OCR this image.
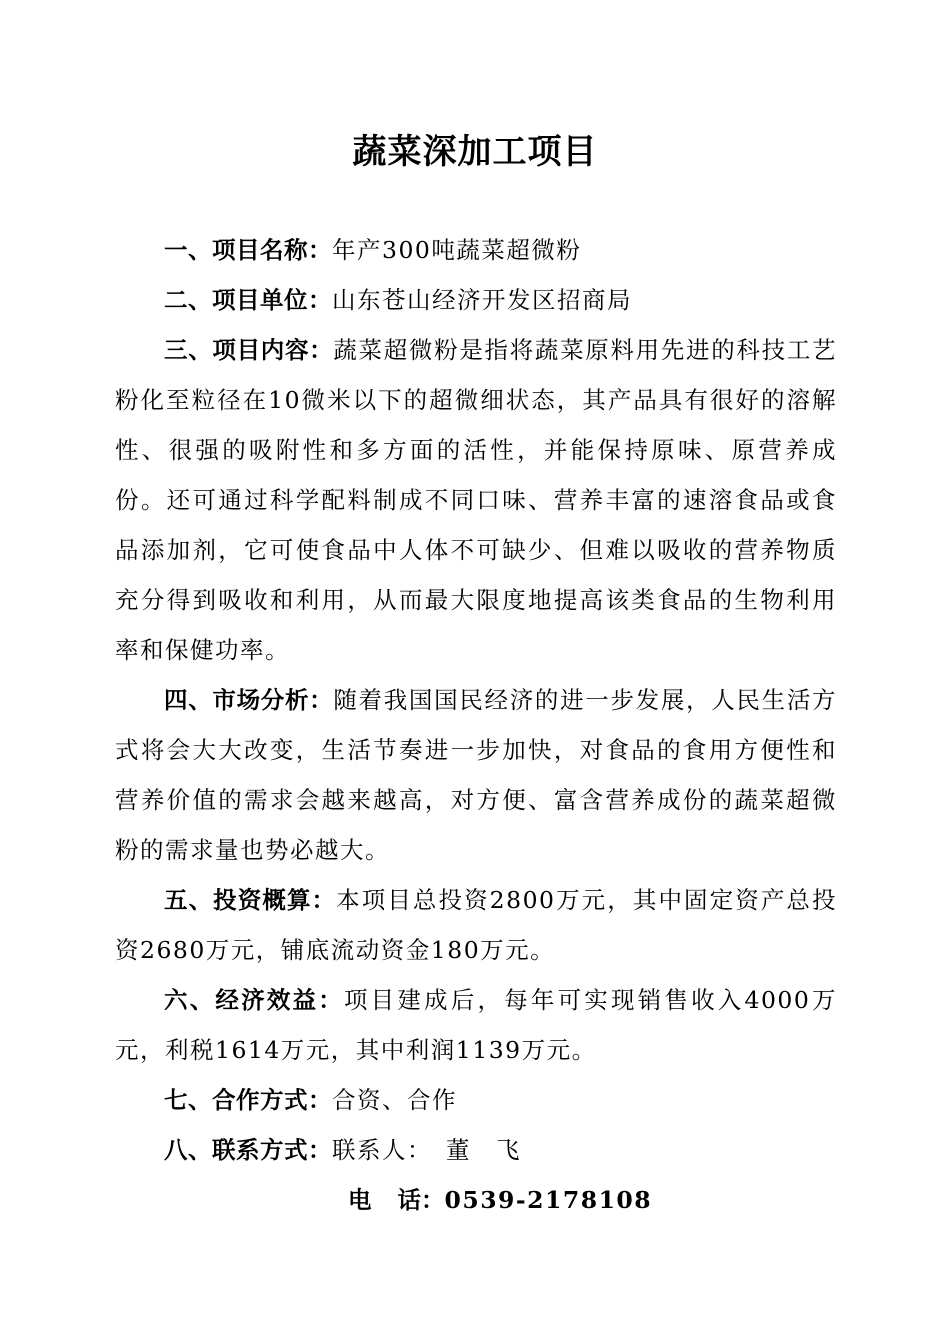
蔬菜深加工项目

一、项目名称：年产300吨蔬菜超微粉

二、项目单位：山东苍山经济开发区招商局

三、项目内容：蔬菜超微粉是指将蔬菜原料用先进的科技工艺粉化至粒径在10微米以下的超微细状态，其产品具有很好的溶解性、很强的吸附性和多方面的活性，并能保持原味、原营养成份。还可通过科学配料制成不同口味、营养丰富的速溶食品或食品添加剂，它可使食品中人体不可缺少、但难以吸收的营养物质充分得到吸收和利用，从而最大限度地提高该类食品的生物利用率和保健功率。

四、市场分析：随着我国国民经济的进一步发展，人民生活方式将会大大改变，生活节奏进一步加快，对食品的食用方便性和营养价值的需求会越来越高，对方便、富含营养成份的蔬菜超微粉的需求量也势必越大。

五、投资概算：本项目总投资2800万元，其中固定资产总投资2680万元，铺底流动资金180万元。

六、经济效益：项目建成后，每年可实现销售收入4000万元，利税1614万元，其中利润1139万元。

七、合作方式：合资、合作

八、联系方式：联系人： 董　飞

电 话：0539-2178108
